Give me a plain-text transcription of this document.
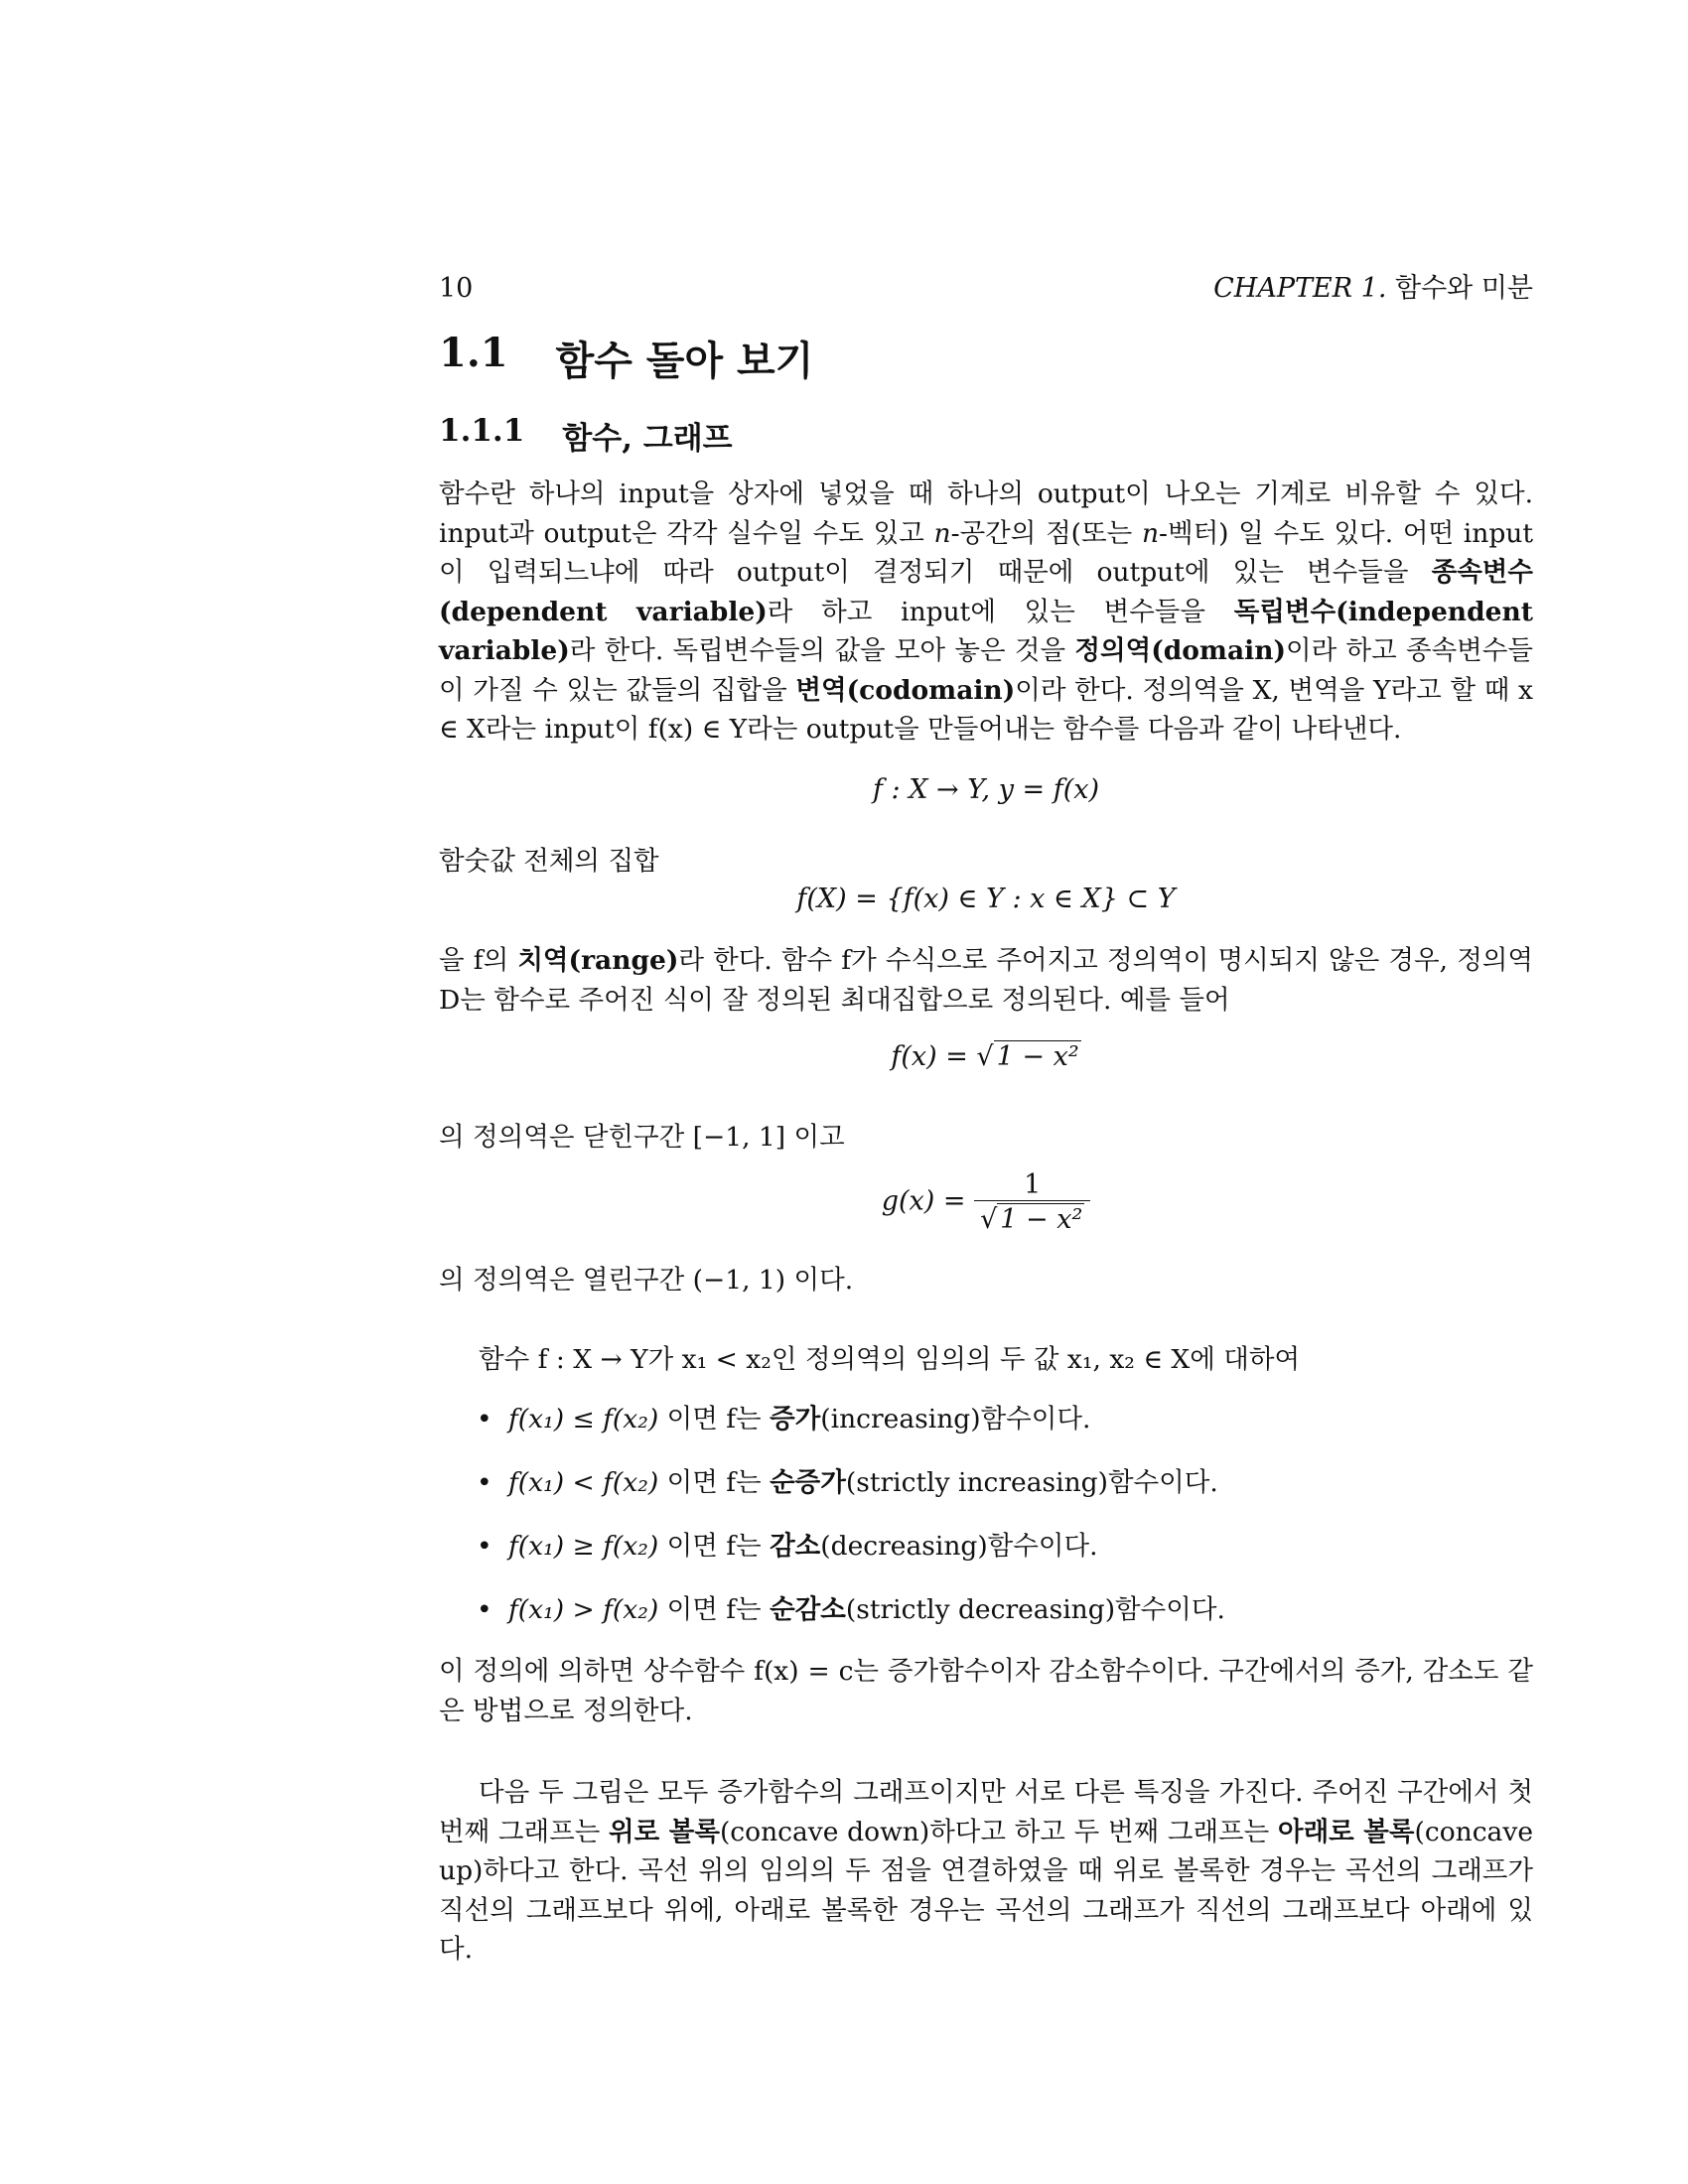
10	CHAPTER 1. 함수와 미분
1.1 함수 돌아 보기
1.1.1 함수, 그래프
함수란 하나의 input을 상자에 넣었을 때 하나의 output이 나오는 기계로 비유할 수 있다. input과 output은 각각 실수일 수도 있고 n-공간의 점(또는 n-벡터) 일 수도 있다. 어떤 input이 입력되느냐에 따라 output이 결정되기 때문에 output에 있는 변수들을 종속변수(dependent variable)라 하고 input에 있는 변수들을 독립변수(independent variable)라 한다. 독립변수들의 값을 모아 놓은 것을 정의역(domain)이라 하고 종속변수들이 가질 수 있는 값들의 집합을 변역(codomain)이라 한다. 정의역을 X, 변역을 Y라고 할 때 x ∈ X라는 input이 f(x) ∈ Y라는 output을 만들어내는 함수를 다음과 같이 나타낸다.
f : X → Y, y = f(x)
함숫값 전체의 집합
f(X) = {f(x) ∈ Y : x ∈ X} ⊂ Y
을 f의 치역(range)라 한다. 함수 f가 수식으로 주어지고 정의역이 명시되지 않은 경우, 정의역 D는 함수로 주어진 식이 잘 정의된 최대집합으로 정의된다. 예를 들어
f(x) = √ 1 − x²
의 정의역은 닫힌구간 [−1, 1] 이고
$g(x) = \frac{1}{\text{√ 1 − x²}}$
의 정의역은 열린구간 (−1, 1) 이다.
함수 f : X → Y가 x₁ < x₂인 정의역의 임의의 두 값 x₁, x₂ ∈ X에 대하여
• f(x₁) ≤ f(x₂) 이면 f는 증가(increasing)함수이다.
• f(x₁) < f(x₂) 이면 f는 순증가(strictly increasing)함수이다.
• f(x₁) ≥ f(x₂) 이면 f는 감소(decreasing)함수이다.
• f(x₁) > f(x₂) 이면 f는 순감소(strictly decreasing)함수이다.
이 정의에 의하면 상수함수 f(x) = c는 증가함수이자 감소함수이다. 구간에서의 증가, 감소도 같은 방법으로 정의한다.
다음 두 그림은 모두 증가함수의 그래프이지만 서로 다른 특징을 가진다. 주어진 구간에서 첫 번째 그래프는 위로 볼록(concave down)하다고 하고 두 번째 그래프는 아래로 볼록(concave up)하다고 한다. 곡선 위의 임의의 두 점을 연결하였을 때 위로 볼록한 경우는 곡선의 그래프가 직선의 그래프보다 위에, 아래로 볼록한 경우는 곡선의 그래프가 직선의 그래프보다 아래에 있다.
